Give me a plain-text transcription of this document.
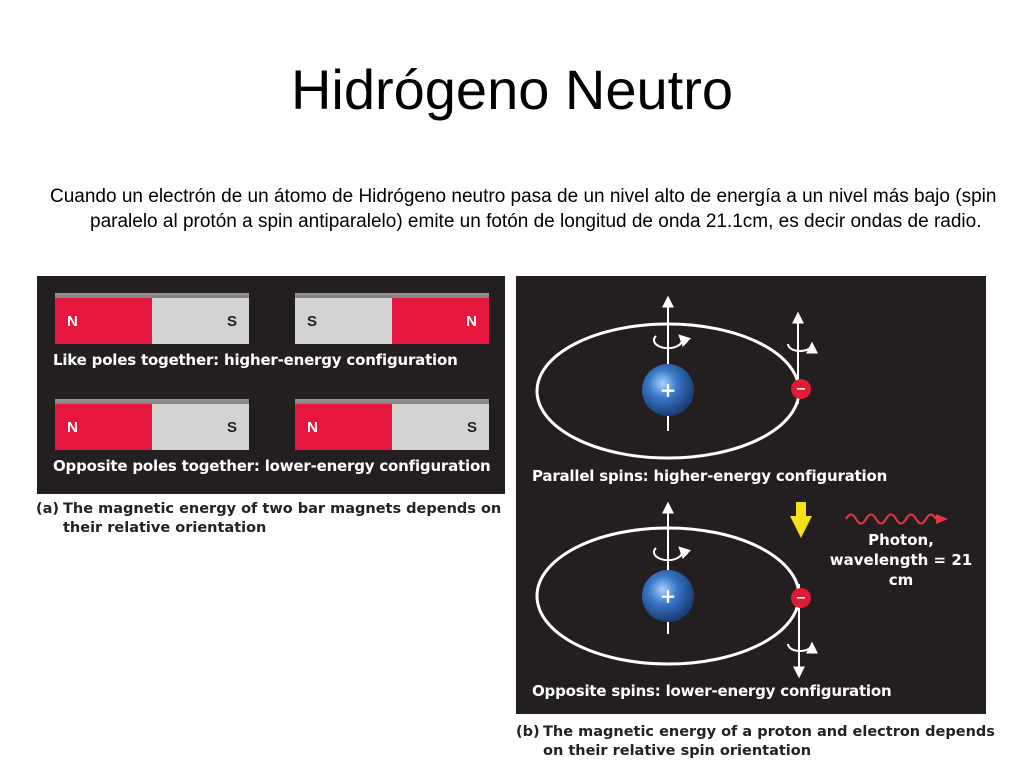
Hidrógeno Neutro

Cuando un electrón de un átomo de Hidrógeno neutro pasa de un nivel alto de energía a un nivel más bajo (spin paralelo al protón a spin antiparalelo) emite un fotón de longitud de onda 21.1cm, es decir ondas de radio.

N	S	S	N
Like poles together: higher-energy configuration
N	S	N	S
Opposite poles together: lower-energy configuration
(a) The magnetic energy of two bar magnets depends on their relative orientation
+	−
+	−
Parallel spins: higher-energy configuration
Photon,
wavelength = 21 cm
Opposite spins: lower-energy configuration
(b) The magnetic energy of a proton and electron depends on their relative spin orientation
